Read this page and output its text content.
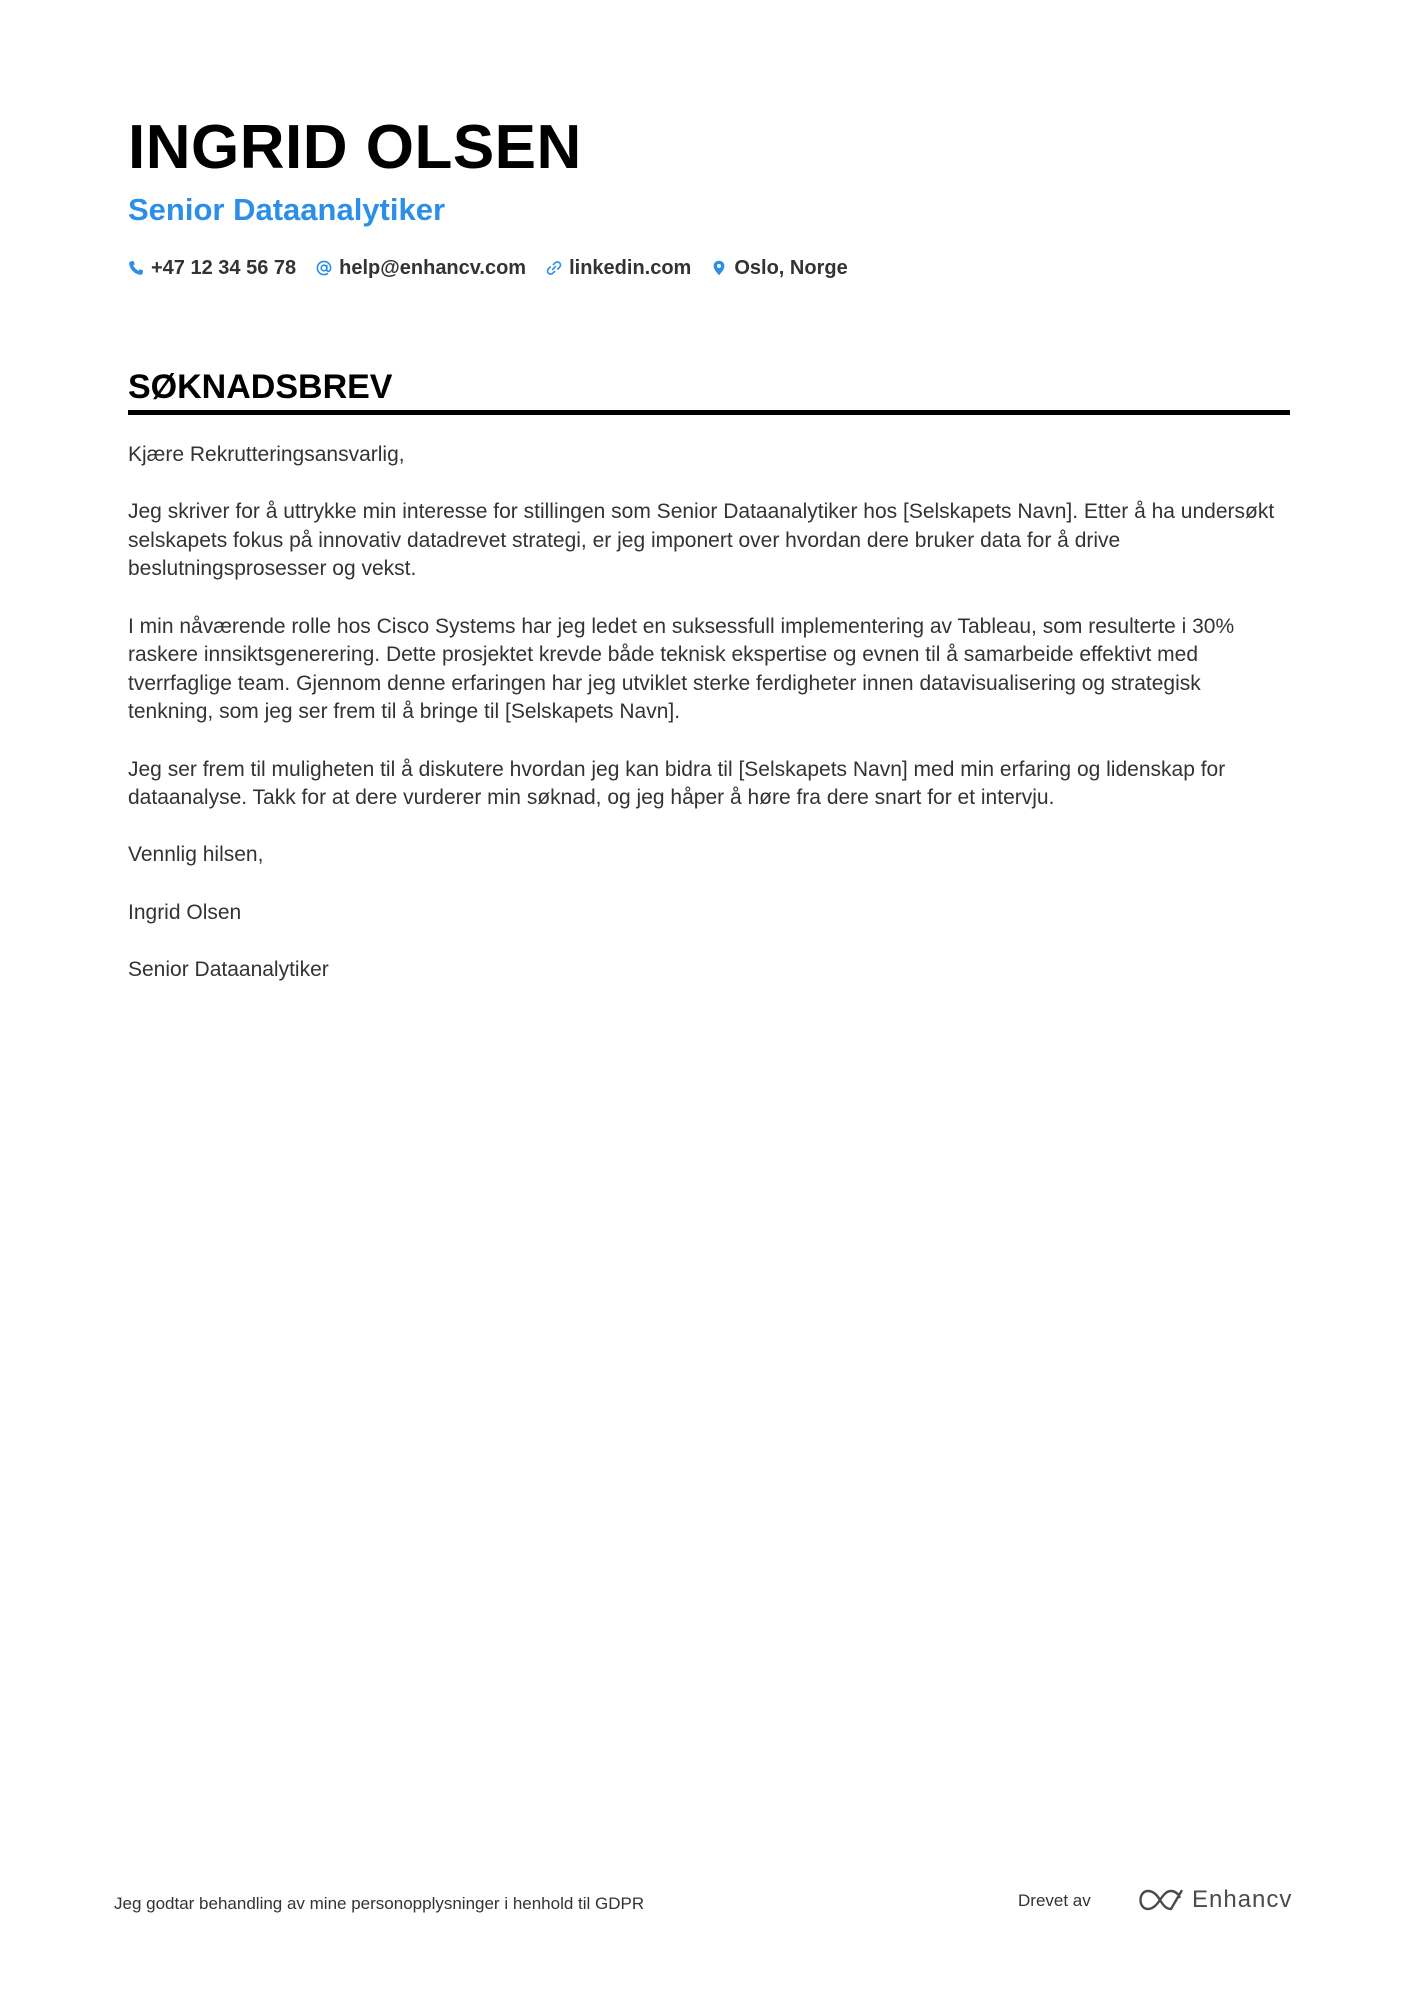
INGRID OLSEN
Senior Dataanalytiker
+47 12 34 56 78 help@enhancv.com linkedin.com Oslo, Norge
SØKNADSBREV

Kjære Rekrutteringsansvarlig,

Jeg skriver for å uttrykke min interesse for stillingen som Senior Dataanalytiker hos [Selskapets Navn]. Etter å ha undersøkt selskapets fokus på innovativ datadrevet strategi, er jeg imponert over hvordan dere bruker data for å drive beslutningsprosesser og vekst.

I min nåværende rolle hos Cisco Systems har jeg ledet en suksessfull implementering av Tableau, som resulterte i 30% raskere innsiktsgenerering. Dette prosjektet krevde både teknisk ekspertise og evnen til å samarbeide effektivt med tverrfaglige team. Gjennom denne erfaringen har jeg utviklet sterke ferdigheter innen datavisualisering og strategisk tenkning, som jeg ser frem til å bringe til [Selskapets Navn].

Jeg ser frem til muligheten til å diskutere hvordan jeg kan bidra til [Selskapets Navn] med min erfaring og lidenskap for dataanalyse. Takk for at dere vurderer min søknad, og jeg håper å høre fra dere snart for et intervju.

Vennlig hilsen,

Ingrid Olsen

Senior Dataanalytiker

Jeg godtar behandling av mine personopplysninger i henhold til GDPR	Drevet av	Enhancv
